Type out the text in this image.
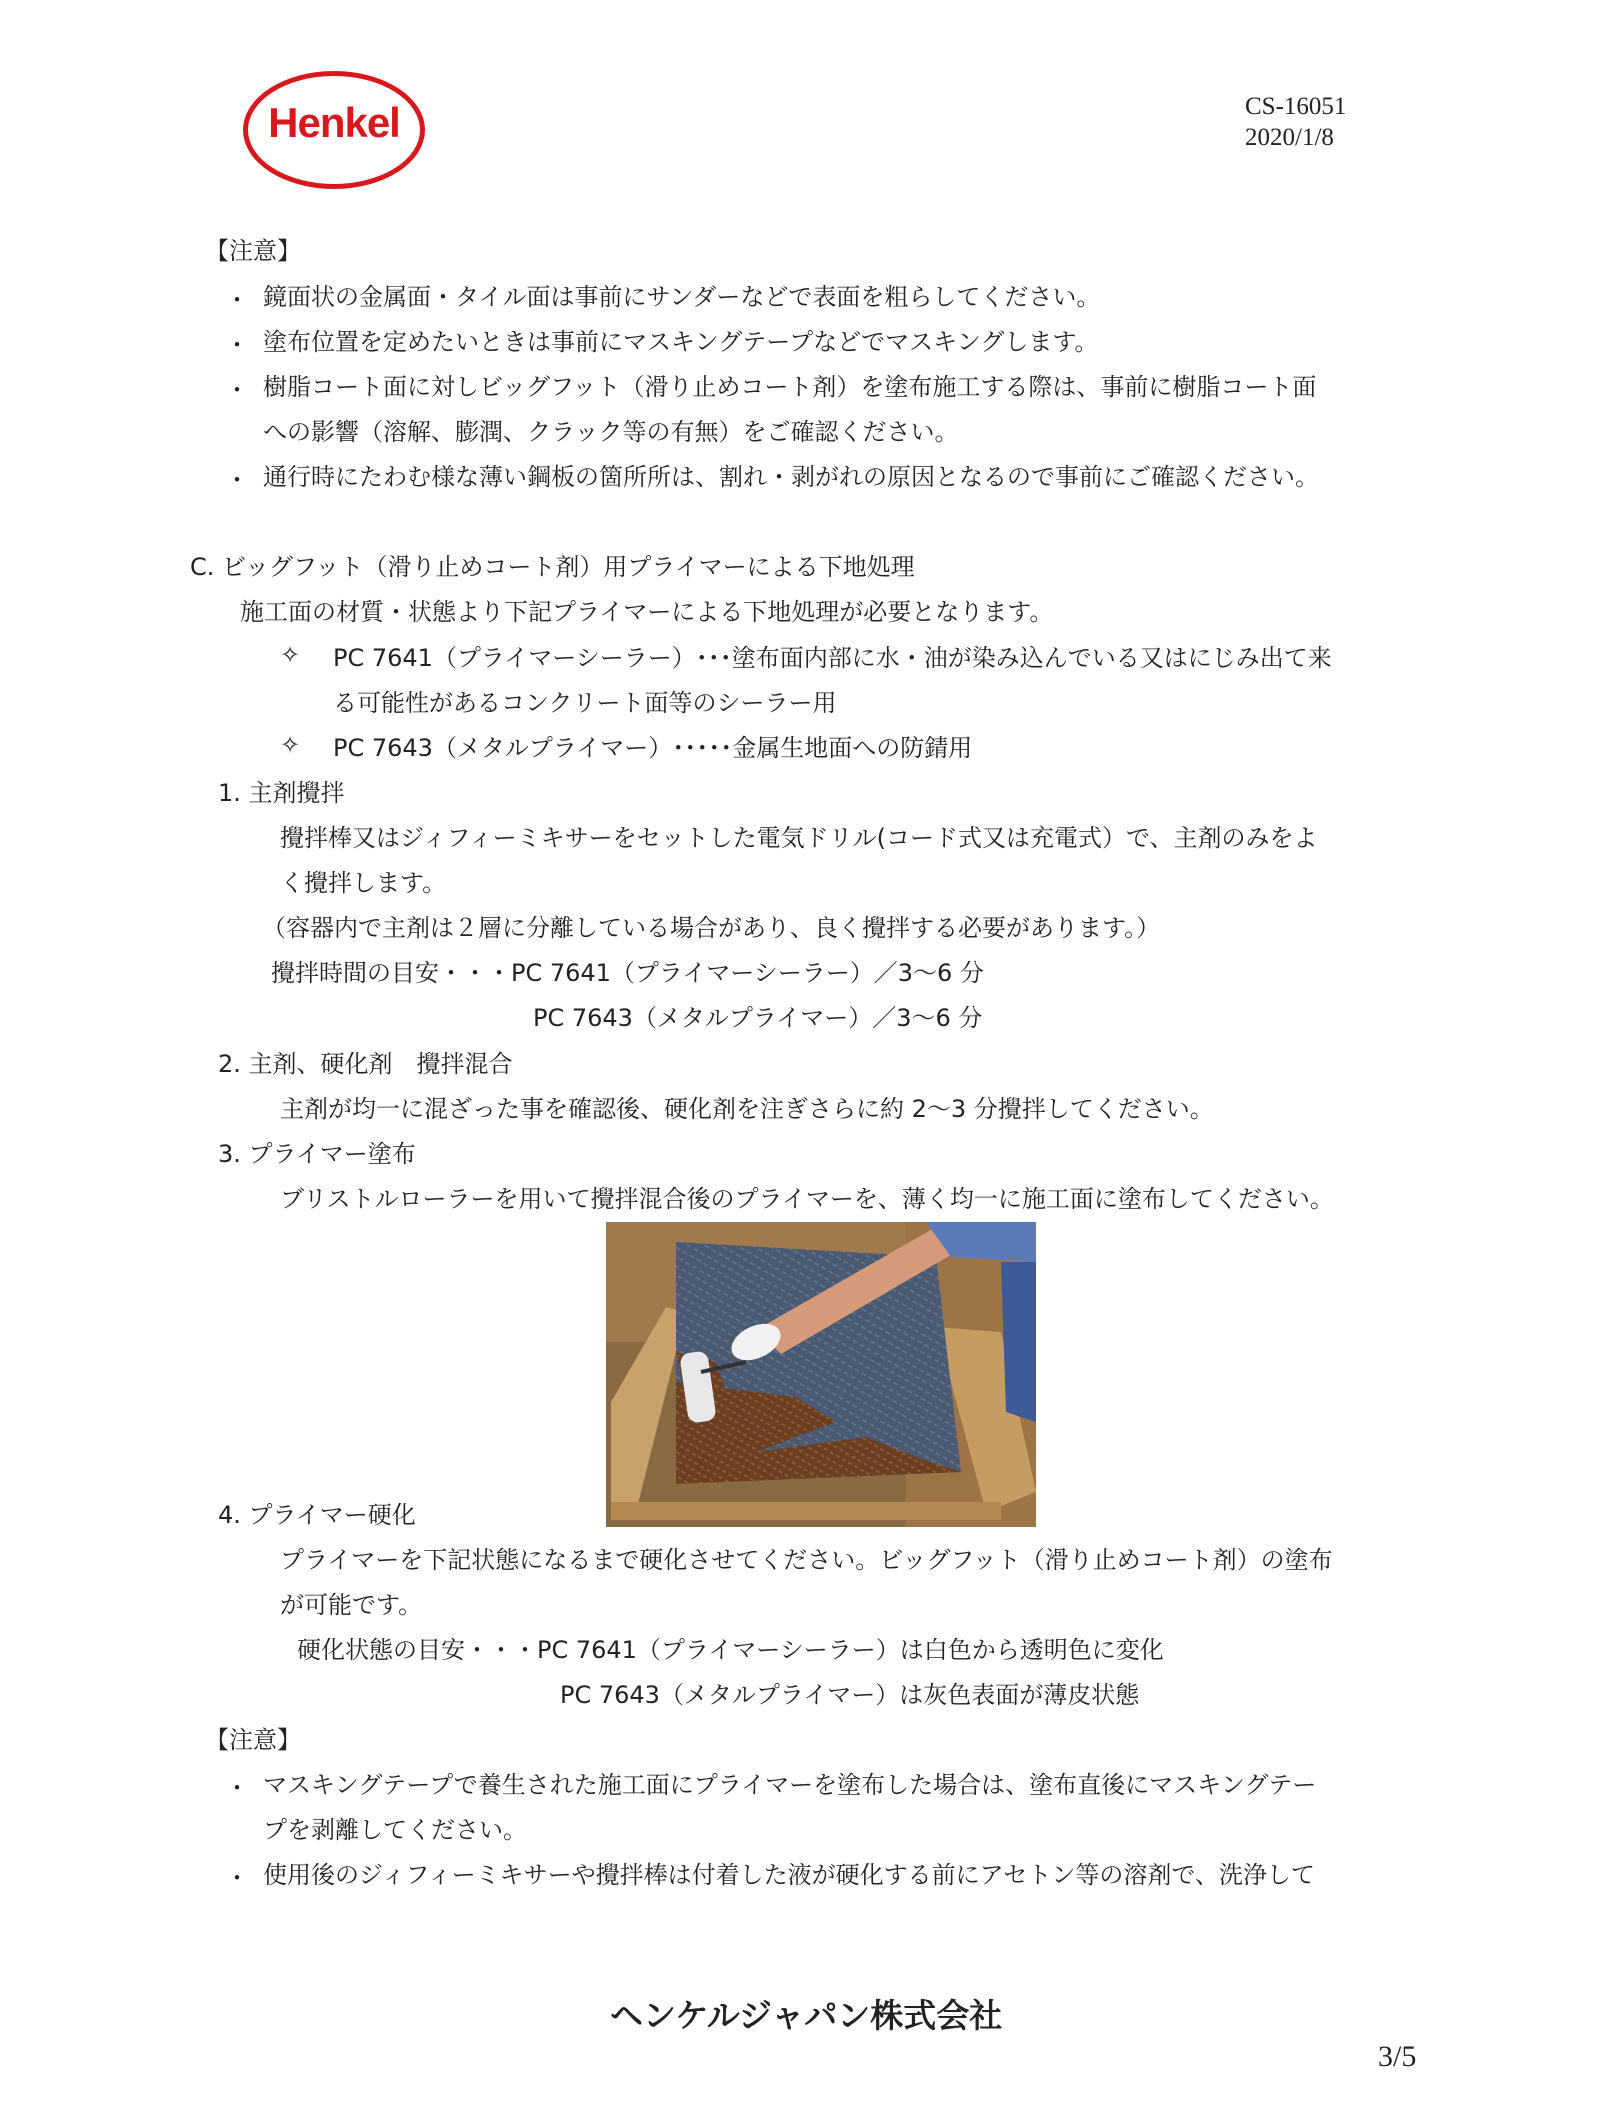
Henkel	CS-16051
2020/1/8
【注意】
・ 鏡面状の金属面・タイル面は事前にサンダーなどで表面を粗らしてください。
・ 塗布位置を定めたいときは事前にマスキングテープなどでマスキングします。
・ 樹脂コート面に対しビッグフット（滑り止めコート剤）を塗布施工する際は、事前に樹脂コート面
への影響（溶解、膨潤、クラック等の有無）をご確認ください。
・ 通行時にたわむ様な薄い鋼板の箇所所は、割れ・剥がれの原因となるので事前にご確認ください。
C. ビッグフット（滑り止めコート剤）用プライマーによる下地処理
施工面の材質・状態より下記プライマーによる下地処理が必要となります。
✧ PC 7641（プライマーシーラー）･･･塗布面内部に水・油が染み込んでいる又はにじみ出て来
る可能性があるコンクリート面等のシーラー用
✧ PC 7643（メタルプライマー）･････金属生地面への防錆用
1. 主剤攪拌
攪拌棒又はジィフィーミキサーをセットした電気ドリル(コード式又は充電式）で、主剤のみをよ
く攪拌します。
（容器内で主剤は２層に分離している場合があり、良く攪拌する必要があります。）
攪拌時間の目安・・・PC 7641（プライマーシーラー）／3～6 分
PC 7643（メタルプライマー）／3～6 分
2. 主剤、硬化剤　攪拌混合
主剤が均一に混ざった事を確認後、硬化剤を注ぎさらに約 2～3 分攪拌してください。
3. プライマー塗布
ブリストルローラーを用いて攪拌混合後のプライマーを、薄く均一に施工面に塗布してください。
4. プライマー硬化
プライマーを下記状態になるまで硬化させてください。ビッグフット（滑り止めコート剤）の塗布
が可能です。
硬化状態の目安・・・PC 7641（プライマーシーラー）は白色から透明色に変化
PC 7643（メタルプライマー）は灰色表面が薄皮状態
【注意】
・ マスキングテープで養生された施工面にプライマーを塗布した場合は、塗布直後にマスキングテー
プを剥離してください。
・ 使用後のジィフィーミキサーや攪拌棒は付着した液が硬化する前にアセトン等の溶剤で、洗浄して
ヘンケルジャパン株式会社
3/5
